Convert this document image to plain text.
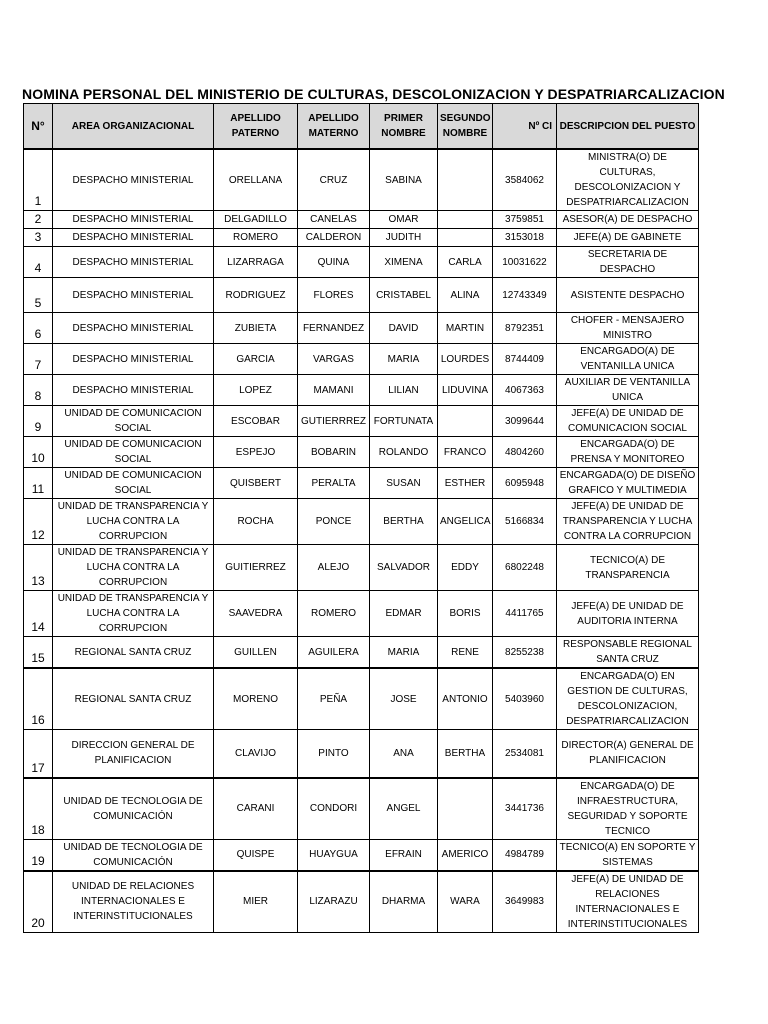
NOMINA PERSONAL DEL MINISTERIO DE CULTURAS, DESCOLONIZACION Y DESPATRIARCALIZACION
N°	AREA ORGANIZACIONAL	APELLIDO PATERNO	APELLIDO MATERNO	PRIMER NOMBRE	SEGUNDO NOMBRE	Nº CI	DESCRIPCION DEL PUESTO
1	DESPACHO MINISTERIAL	ORELLANA	CRUZ	SABINA		3584062	MINISTRA(O) DE CULTURAS, DESCOLONIZACION Y DESPATRIARCALIZACION
2	DESPACHO MINISTERIAL	DELGADILLO	CANELAS	OMAR		3759851	ASESOR(A) DE DESPACHO
3	DESPACHO MINISTERIAL	ROMERO	CALDERON	JUDITH		3153018	JEFE(A) DE GABINETE
4	DESPACHO MINISTERIAL	LIZARRAGA	QUINA	XIMENA	CARLA	10031622	SECRETARIA DE DESPACHO
5	DESPACHO MINISTERIAL	RODRIGUEZ	FLORES	CRISTABEL	ALINA	12743349	ASISTENTE DESPACHO
6	DESPACHO MINISTERIAL	ZUBIETA	FERNANDEZ	DAVID	MARTIN	8792351	CHOFER - MENSAJERO MINISTRO
7	DESPACHO MINISTERIAL	GARCIA	VARGAS	MARIA	LOURDES	8744409	ENCARGADO(A) DE VENTANILLA UNICA
8	DESPACHO MINISTERIAL	LOPEZ	MAMANI	LILIAN	LIDUVINA	4067363	AUXILIAR DE VENTANILLA UNICA
9	UNIDAD DE COMUNICACION SOCIAL	ESCOBAR	GUTIERRREZ	FORTUNATA		3099644	JEFE(A) DE UNIDAD DE COMUNICACION SOCIAL
10	UNIDAD DE COMUNICACION SOCIAL	ESPEJO	BOBARIN	ROLANDO	FRANCO	4804260	ENCARGADA(O) DE PRENSA Y MONITOREO
11	UNIDAD DE COMUNICACION SOCIAL	QUISBERT	PERALTA	SUSAN	ESTHER	6095948	ENCARGADA(O) DE DISEÑO GRAFICO Y MULTIMEDIA
12	UNIDAD DE TRANSPARENCIA Y LUCHA CONTRA LA CORRUPCION	ROCHA	PONCE	BERTHA	ANGELICA	5166834	JEFE(A) DE UNIDAD DE TRANSPARENCIA Y LUCHA CONTRA LA CORRUPCION
13	UNIDAD DE TRANSPARENCIA Y LUCHA CONTRA LA CORRUPCION	GUITIERREZ	ALEJO	SALVADOR	EDDY	6802248	TECNICO(A) DE TRANSPARENCIA
14	UNIDAD DE TRANSPARENCIA Y LUCHA CONTRA LA CORRUPCION	SAAVEDRA	ROMERO	EDMAR	BORIS	4411765	JEFE(A) DE UNIDAD DE AUDITORIA INTERNA
15	REGIONAL SANTA CRUZ	GUILLEN	AGUILERA	MARIA	RENE	8255238	RESPONSABLE REGIONAL SANTA CRUZ
16	REGIONAL SANTA CRUZ	MORENO	PEÑA	JOSE	ANTONIO	5403960	ENCARGADA(O) EN GESTION DE CULTURAS, DESCOLONIZACION, DESPATRIARCALIZACION
17	DIRECCION GENERAL DE PLANIFICACION	CLAVIJO	PINTO	ANA	BERTHA	2534081	DIRECTOR(A) GENERAL DE PLANIFICACION
18	UNIDAD DE TECNOLOGIA DE COMUNICACIÓN	CARANI	CONDORI	ANGEL		3441736	ENCARGADA(O) DE INFRAESTRUCTURA, SEGURIDAD Y SOPORTE TECNICO
19	UNIDAD DE TECNOLOGIA DE COMUNICACIÓN	QUISPE	HUAYGUA	EFRAIN	AMERICO	4984789	TECNICO(A) EN SOPORTE Y SISTEMAS
20	UNIDAD DE RELACIONES INTERNACIONALES E INTERINSTITUCIONALES	MIER	LIZARAZU	DHARMA	WARA	3649983	JEFE(A) DE UNIDAD DE RELACIONES INTERNACIONALES E INTERINSTITUCIONALES
